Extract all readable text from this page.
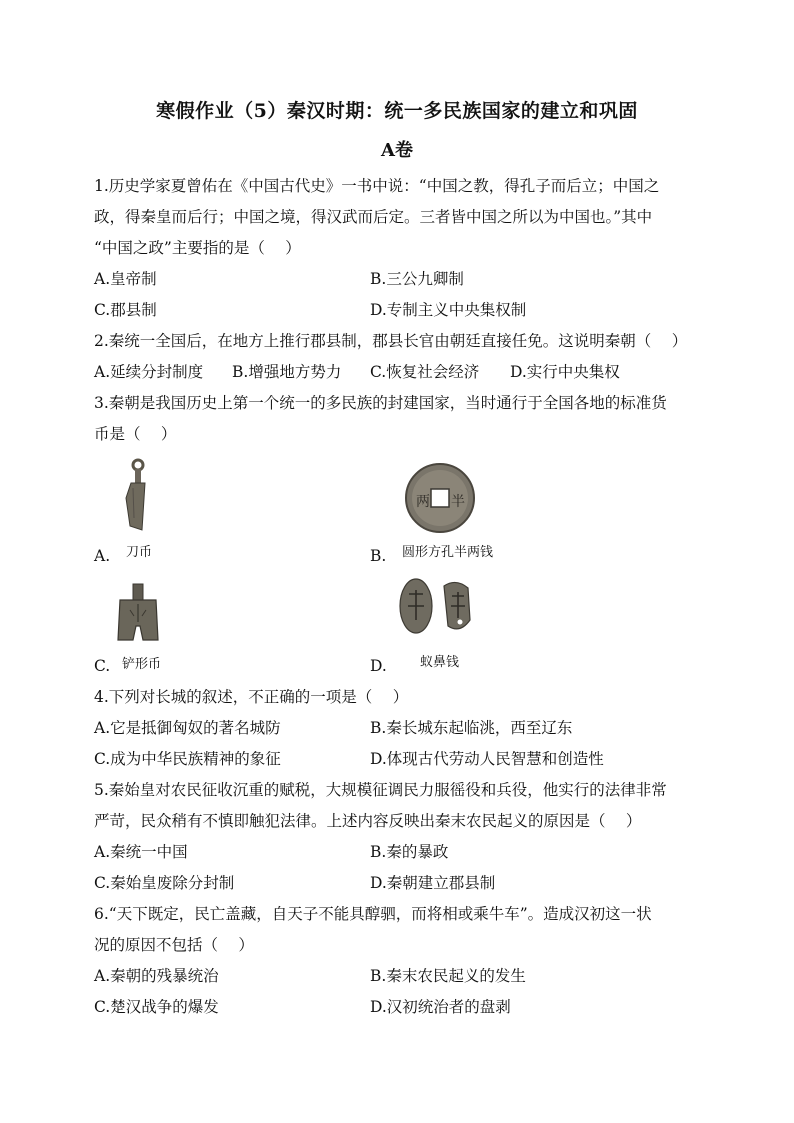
寒假作业（5）秦汉时期：统一多民族国家的建立和巩固
A卷
1.历史学家夏曾佑在《中国古代史》一书中说：“中国之教，得孔子而后立；中国之
政，得秦皇而后行；中国之境，得汉武而后定。三者皆中国之所以为中国也。”其中
“中国之政”主要指的是（　 ）
A.皇帝制	B.三公九卿制
C.郡县制	D.专制主义中央集权制
2.秦统一全国后，在地方上推行郡县制，郡县长官由朝廷直接任免。这说明秦朝（　 ）
A.延续分封制度 B.增强地方势力 C.恢复社会经济 D.实行中央集权
3.秦朝是我国历史上第一个统一的多民族的封建国家，当时通行于全国各地的标准货
币是（　 ）
A. 刀币
两 半
B. 圆形方孔半两钱
C. 铲形币	D.	蚁鼻钱
4.下列对长城的叙述，不正确的一项是（　 ）
A.它是抵御匈奴的著名城防	B.秦长城东起临洮，西至辽东
C.成为中华民族精神的象征	D.体现古代劳动人民智慧和创造性
5.秦始皇对农民征收沉重的赋税，大规模征调民力服徭役和兵役，他实行的法律非常
严苛，民众稍有不慎即触犯法律。上述内容反映出秦末农民起义的原因是（　 ）
A.秦统一中国	B.秦的暴政
C.秦始皇废除分封制	D.秦朝建立郡县制
6.“天下既定，民亡盖藏，自天子不能具醇驷，而将相或乘牛车”。造成汉初这一状
况的原因不包括（　 ）
A.秦朝的残暴统治	B.秦末农民起义的发生
C.楚汉战争的爆发	D.汉初统治者的盘剥
